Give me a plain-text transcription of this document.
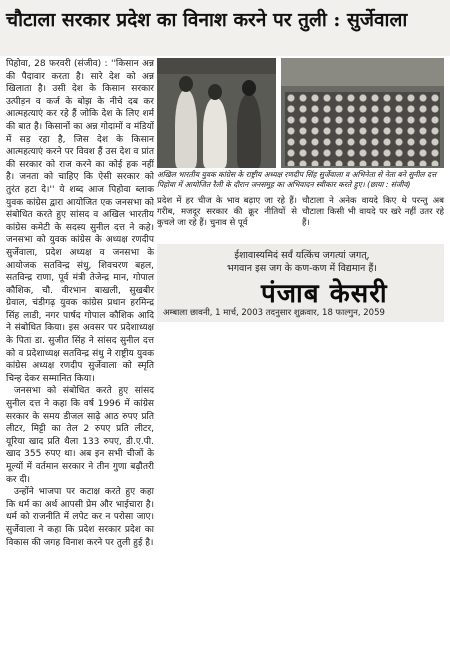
चौटाला सरकार प्रदेश का विनाश करने पर तुली : सुर्जेवाला

पिहोवा, 28 फरवरी (संजीव) : ''किसान अन्न की पैदावार करता है। सारे देश को अन्न खिलाता है। उसी देश के किसान सरकार उत्पीड़न व कर्ज के बोझ के नीचे दब कर आत्महत्याएं कर रहे हैं जोकि देश के लिए शर्म की बात है। किसानों का अन्न गोदामों व मंडियों में सड़ रहा है, जिस देश के किसान आत्महत्याएं करने पर विवश हैं उस देश व प्रांत की सरकार को राज करने का कोई हक नहीं है। जनता को चाहिए कि ऐसी सरकार को तुरंत हटा दे।'' ये शब्द आज पिहोवा ब्लाक युवक कांग्रेस द्वारा आयोजित एक जनसभा को संबोधित करते हुए सांसद व अखिल भारतीय कांग्रेस कमेटी के सदस्य सुनील दत्त ने कहे। जनसभा को युवक कांग्रेस के अध्यक्ष रणदीप सुर्जेवाला, प्रदेश अध्यक्ष व जनसभा के आयोजक सतविन्द्र संधु, शिवचरण बहल, सतविन्द्र राणा, पूर्व मंत्री तेजेन्द्र मान, गोपाल कौशिक, चौ. वीरभान बाखली, सुखबीर ग्रेवाल, चंडीगढ़ युवक कांग्रेस प्रधान हरमिन्द्र सिंह लाडी, नगर पार्षद गोपाल कौशिक आदि ने संबोधित किया। इस अवसर पर प्रदेशाध्यक्ष के पिता डा. सुजीत सिंह ने सांसद सुनील दत्त को व प्रदेशाध्यक्ष सतविन्द्र संधु ने राष्ट्रीय युवक कांग्रेस अध्यक्ष रणदीप सुर्जेवाला को स्मृति चिन्ह देकर सम्मानित किया।

जनसभा को संबोधित करते हुए सांसद सुनील दत्त ने कहा कि वर्ष 1996 में कांग्रेस सरकार के समय डीजल साढ़े आठ रुपए प्रति लीटर, मिट्टी का तेल 2 रुपए प्रति लीटर, यूरिया खाद प्रति थैला 133 रुपए, डी.ए.पी. खाद 355 रुपए था। अब इन सभी चीजों के मूल्यों में वर्तमान सरकार ने तीन गुणा बढ़ौतरी कर दी।

उन्होंने भाजपा पर कटाक्ष करते हुए कहा कि धर्म का अर्थ आपसी प्रेम और भाईचारा है। धर्म को राजनीति में लपेट कर न परोसा जाए। सुर्जेवाला ने कहा कि प्रदेश सरकार प्रदेश का विकास की जगह विनाश करने पर तुली हुई है।

अखिल भारतीय युवक कांग्रेस के राष्ट्रीय अध्यक्ष रणदीप सिंह सुर्जेवाला व अभिनेता से नेता बने सुनील दत्त पिहोवा में आयोजित रैली के दौरान जनसमूह का अभिवादन स्वीकार करते हुए। (छाया : संजीव)
प्रदेश में हर चीज के भाव बढ़ाए जा रहे हैं। गरीब, मजदूर सरकार की क्रूर नीतियों से कुचले जा रहे हैं। चुनाव से पूर्व
चौटाला ने अनेक वायदे किए थे परन्तु अब चौटाला किसी भी वायदे पर खरे नहीं उतर रहे हैं।
ईशावास्यमिदं सर्वं यत्किंच जगत्यां जगत्,
भगवान इस जग के कण-कण में विद्यमान हैं।
पंजाब केसरी
अम्बाला छावनी, 1 मार्च, 2003 तदनुसार शुक्रवार, 18 फाल्गुन, 2059
